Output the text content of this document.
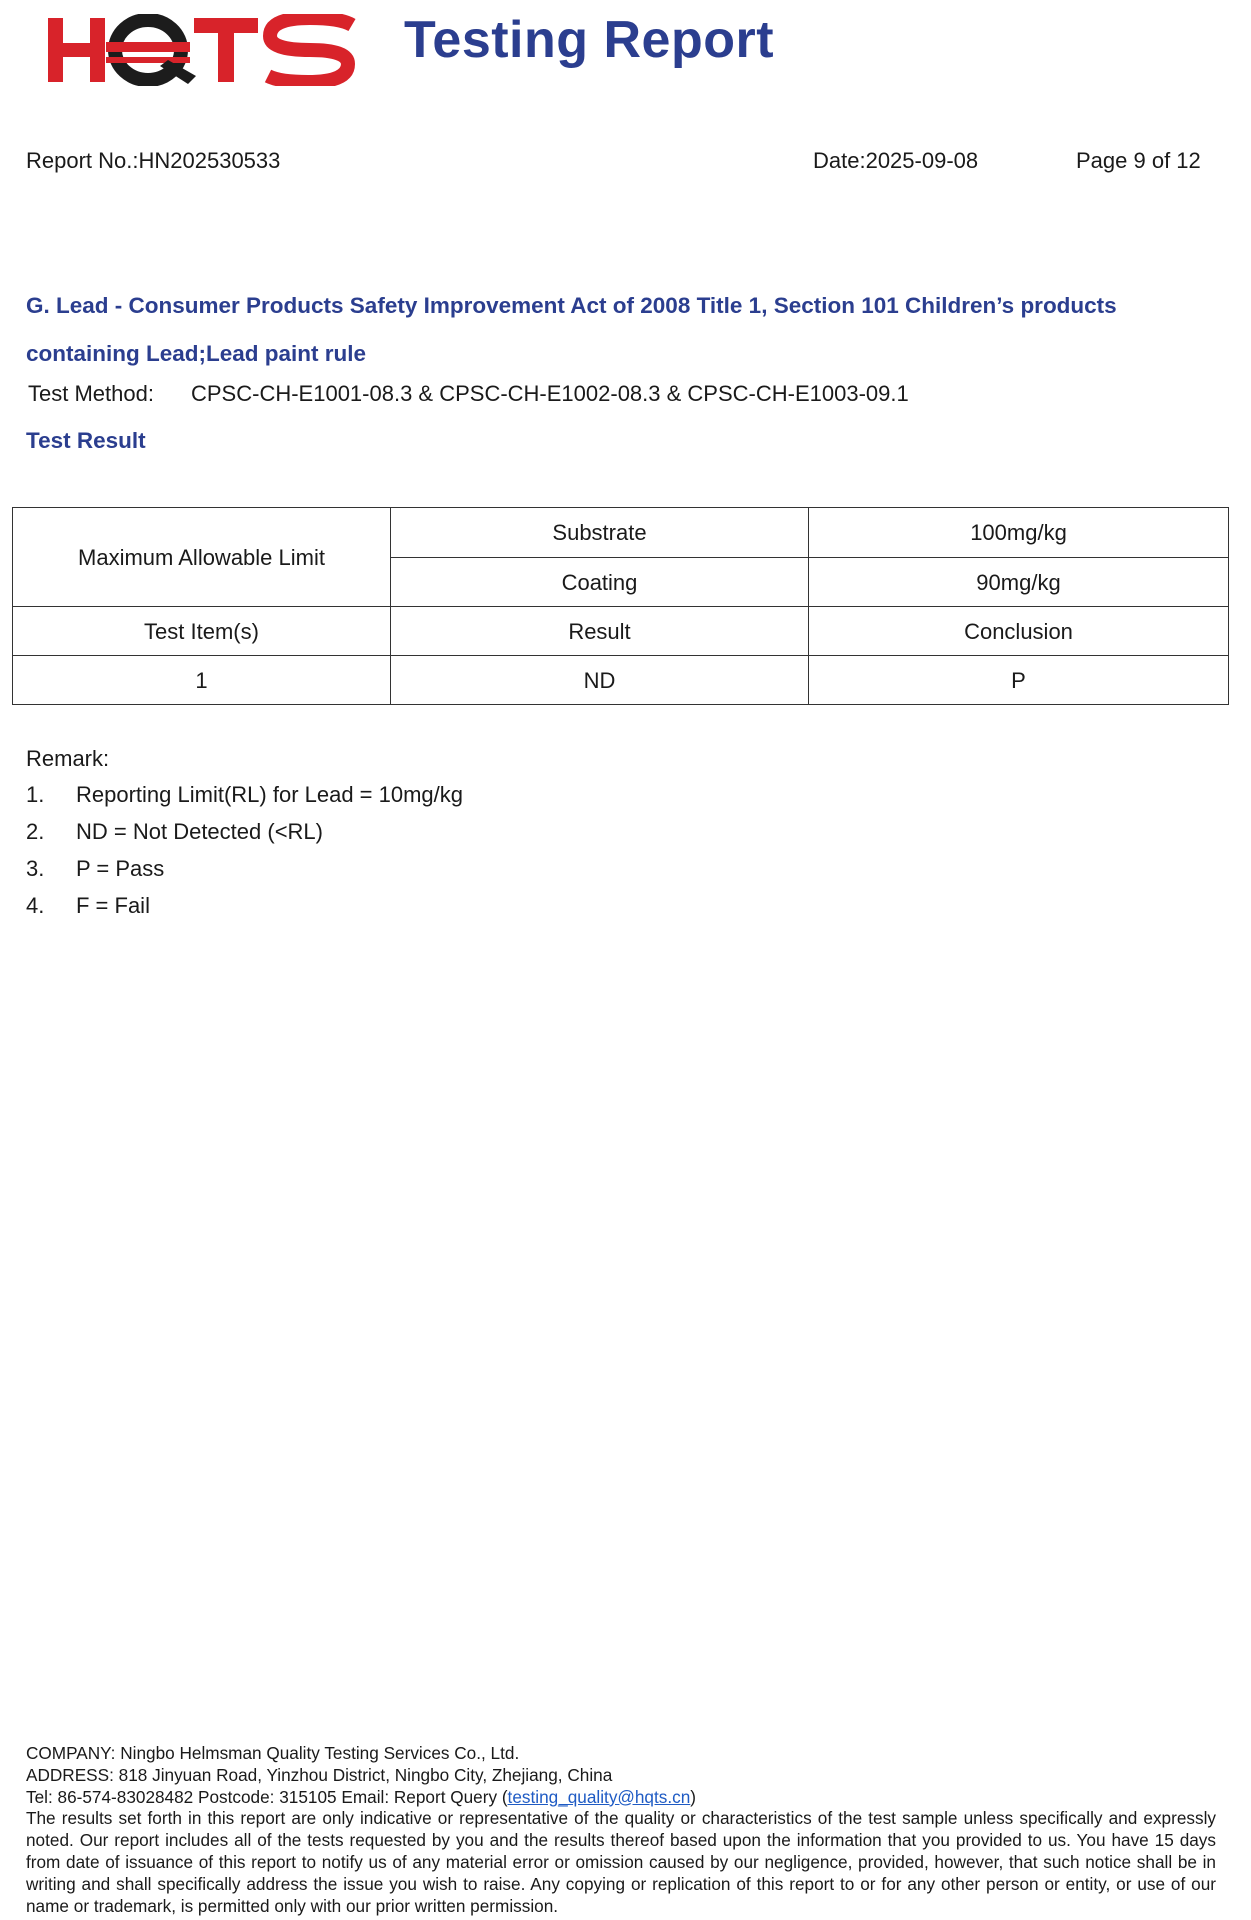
Testing Report
Report No.:HN202530533	Date:2025-09-08	Page 9 of 12
G. Lead - Consumer Products Safety Improvement Act of 2008 Title 1, Section 101 Children’s products containing Lead;Lead paint rule
Test Method: CPSC-CH-E1001-08.3 & CPSC-CH-E1002-08.3 & CPSC-CH-E1003-09.1
Test Result
Maximum Allowable Limit	Substrate	100mg/kg
	Coating	90mg/kg
Test Item(s)	Result	Conclusion
1	ND	P
Remark:
1.	Reporting Limit(RL) for Lead = 10mg/kg
2.	ND = Not Detected (<RL)
3.	P = Pass
4.	F = Fail

COMPANY: Ningbo Helmsman Quality Testing Services Co., Ltd.

ADDRESS: 818 Jinyuan Road, Yinzhou District, Ningbo City, Zhejiang, China

Tel: 86-574-83028482 Postcode: 315105 Email: Report Query (testing_quality@hqts.cn)

The results set forth in this report are only indicative or representative of the quality or characteristics of the test sample unless specifically and expressly noted. Our report includes all of the tests requested by you and the results thereof based upon the information that you provided to us. You have 15 days from date of issuance of this report to notify us of any material error or omission caused by our negligence, provided, however, that such notice shall be in writing and shall specifically address the issue you wish to raise. Any copying or replication of this report to or for any other person or entity, or use of our name or trademark, is permitted only with our prior written permission.
